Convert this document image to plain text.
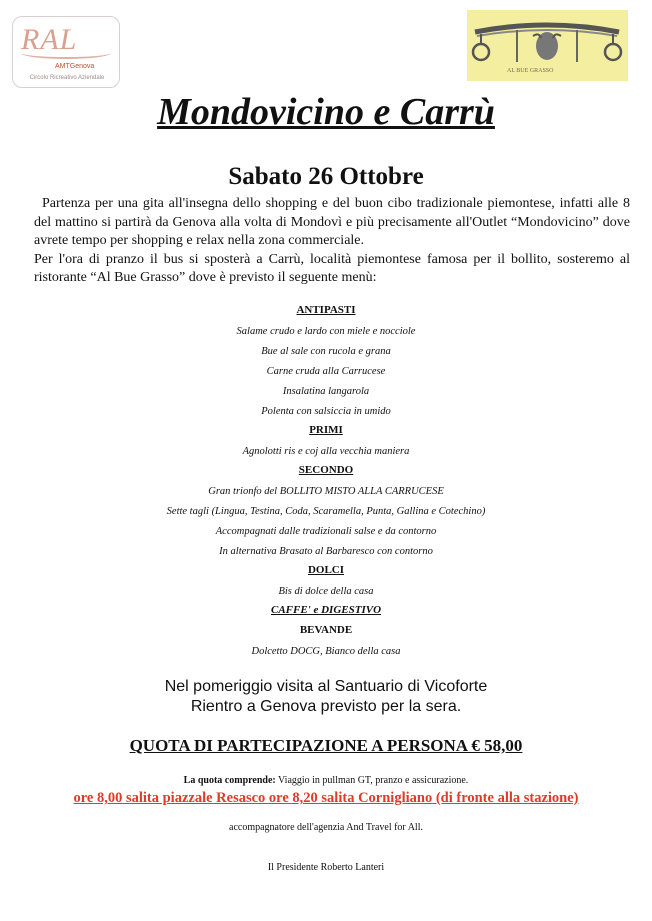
RAL
AMTGenova
Circolo Ricreativo Aziendale
AL BUE GRASSO
Mondovicino e Carrù
Sabato 26 Ottobre

Partenza per una gita all'insegna dello shopping e del buon cibo tradizionale piemontese, infatti alle 8 del mattino si partirà da Genova alla volta di Mondovì e più precisamente all'Outlet “Mondovicino” dove avrete tempo per shopping e relax nella zona commerciale.

Per l'ora di pranzo il bus si sposterà a Carrù, località piemontese famosa per il bollito, sosteremo al ristorante “Al Bue Grasso” dove è previsto il seguente menù:

ANTIPASTI
Salame crudo e lardo con miele e nocciole
Bue al sale con rucola e grana
Carne cruda alla Carrucese
Insalatina langarola
Polenta con salsiccia in umido
PRIMI
Agnolotti ris e coj alla vecchia maniera
SECONDO
Gran trionfo del BOLLITO MISTO ALLA CARRUCESE
Sette tagli (Lingua, Testina, Coda, Scaramella, Punta, Gallina e Cotechino)
Accompagnati dalle tradizionali salse e da contorno
In alternativa Brasato al Barbaresco con contorno
DOLCI
Bis di dolce della casa
CAFFE' e DIGESTIVO
BEVANDE
Dolcetto DOCG, Bianco della casa
Nel pomeriggio visita al Santuario di Vicoforte
Rientro a Genova previsto per la sera.
QUOTA DI PARTECIPAZIONE A PERSONA € 58,00
La quota comprende: Viaggio in pullman GT, pranzo e assicurazione.
ore 8,00 salita piazzale Resasco ore 8,20 salita Cornigliano (di fronte alla stazione)
accompagnatore dell'agenzia And Travel for All.
Il Presidente Roberto Lanteri
